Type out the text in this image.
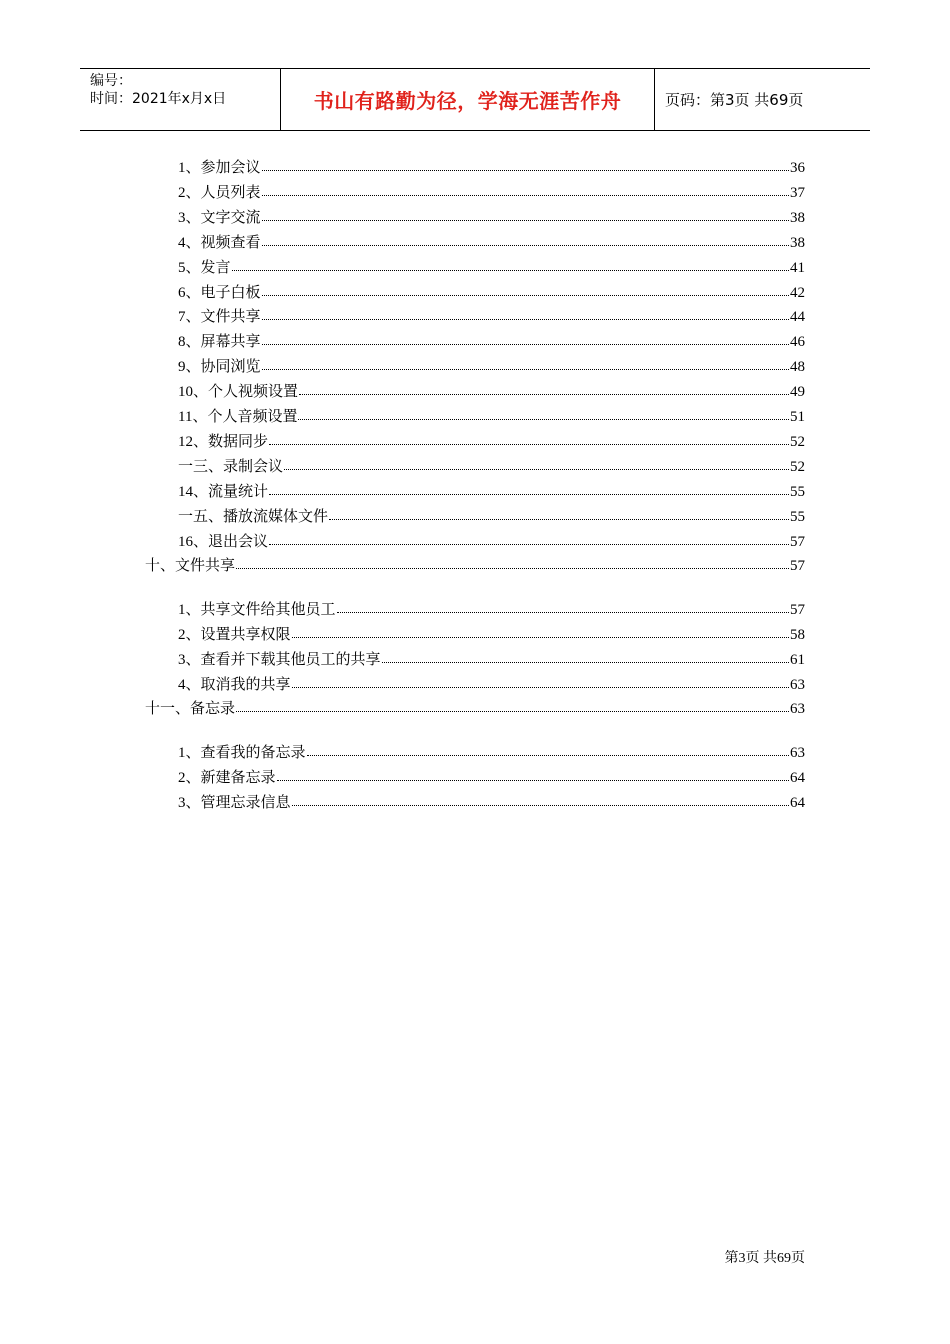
编号：
时间：2021年x月x日	书山有路勤为径，学海无涯苦作舟	页码：第3页 共69页
1、参加会议	36
2、人员列表	37
3、文字交流	38
4、视频查看	38
5、发言	41
6、电子白板	42
7、文件共享	44
8、屏幕共享	46
9、协同浏览	48
10、个人视频设置	49
11、个人音频设置	51
12、数据同步	52
一三、录制会议	52
14、流量统计	55
一五、播放流媒体文件	55
16、退出会议	57
十、文件共享	57
1、共享文件给其他员工	57
2、设置共享权限	58
3、查看并下载其他员工的共享	61
4、取消我的共享	63
十一、备忘录	63
1、查看我的备忘录	63
2、新建备忘录	64
3、管理忘录信息	64
第3页 共69页
